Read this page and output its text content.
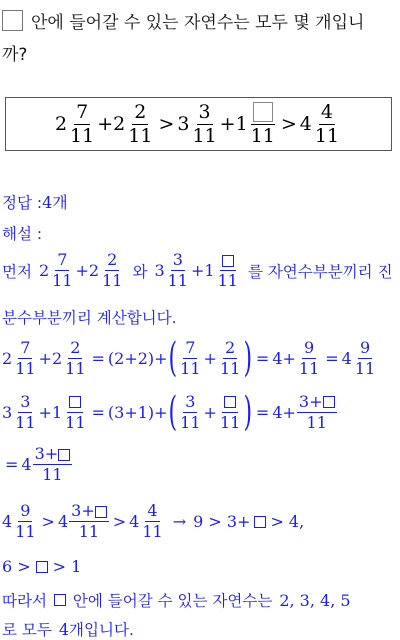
안에 들어갈 수 있는 자연수는 모두 몇 개입니
까?
$2 \frac{7}{11} + 2 \frac{2}{11} > 3 \frac{3}{11} + 1$
11
> $4 \frac{4}{11}$
정답 : 4개
해설 :
먼저 $2 \frac{7}{11} + 2 \frac{2}{11}$ 와 $3 \frac{3}{11} + 1$
11 를 자연수부분끼리 진
분수부분끼리 계산합니다.
$2 \frac{7}{11} + 2 \frac{2}{11} = (2+2)$ + ( $\frac{7}{11} + \frac{2}{11}$ ) = $4 + \frac{9}{11} = 4 \frac{9}{11}$
$3 \frac{3}{11} + 1$
11
= (3+1) + ( $\frac{3}{11}$ +
11 ) = $4 + \frac{3+}{11}$
= $4 \frac{3+}{11}$
$4 \frac{9}{11} > 4 \frac{3+}{11} > 4 \frac{4}{11} \to 9 > 3+ > 4$,
6 > > 1
따라서 안에 들어갈 수 있는 자연수는 2, 3, 4, 5
로 모두 4 개입니다.
